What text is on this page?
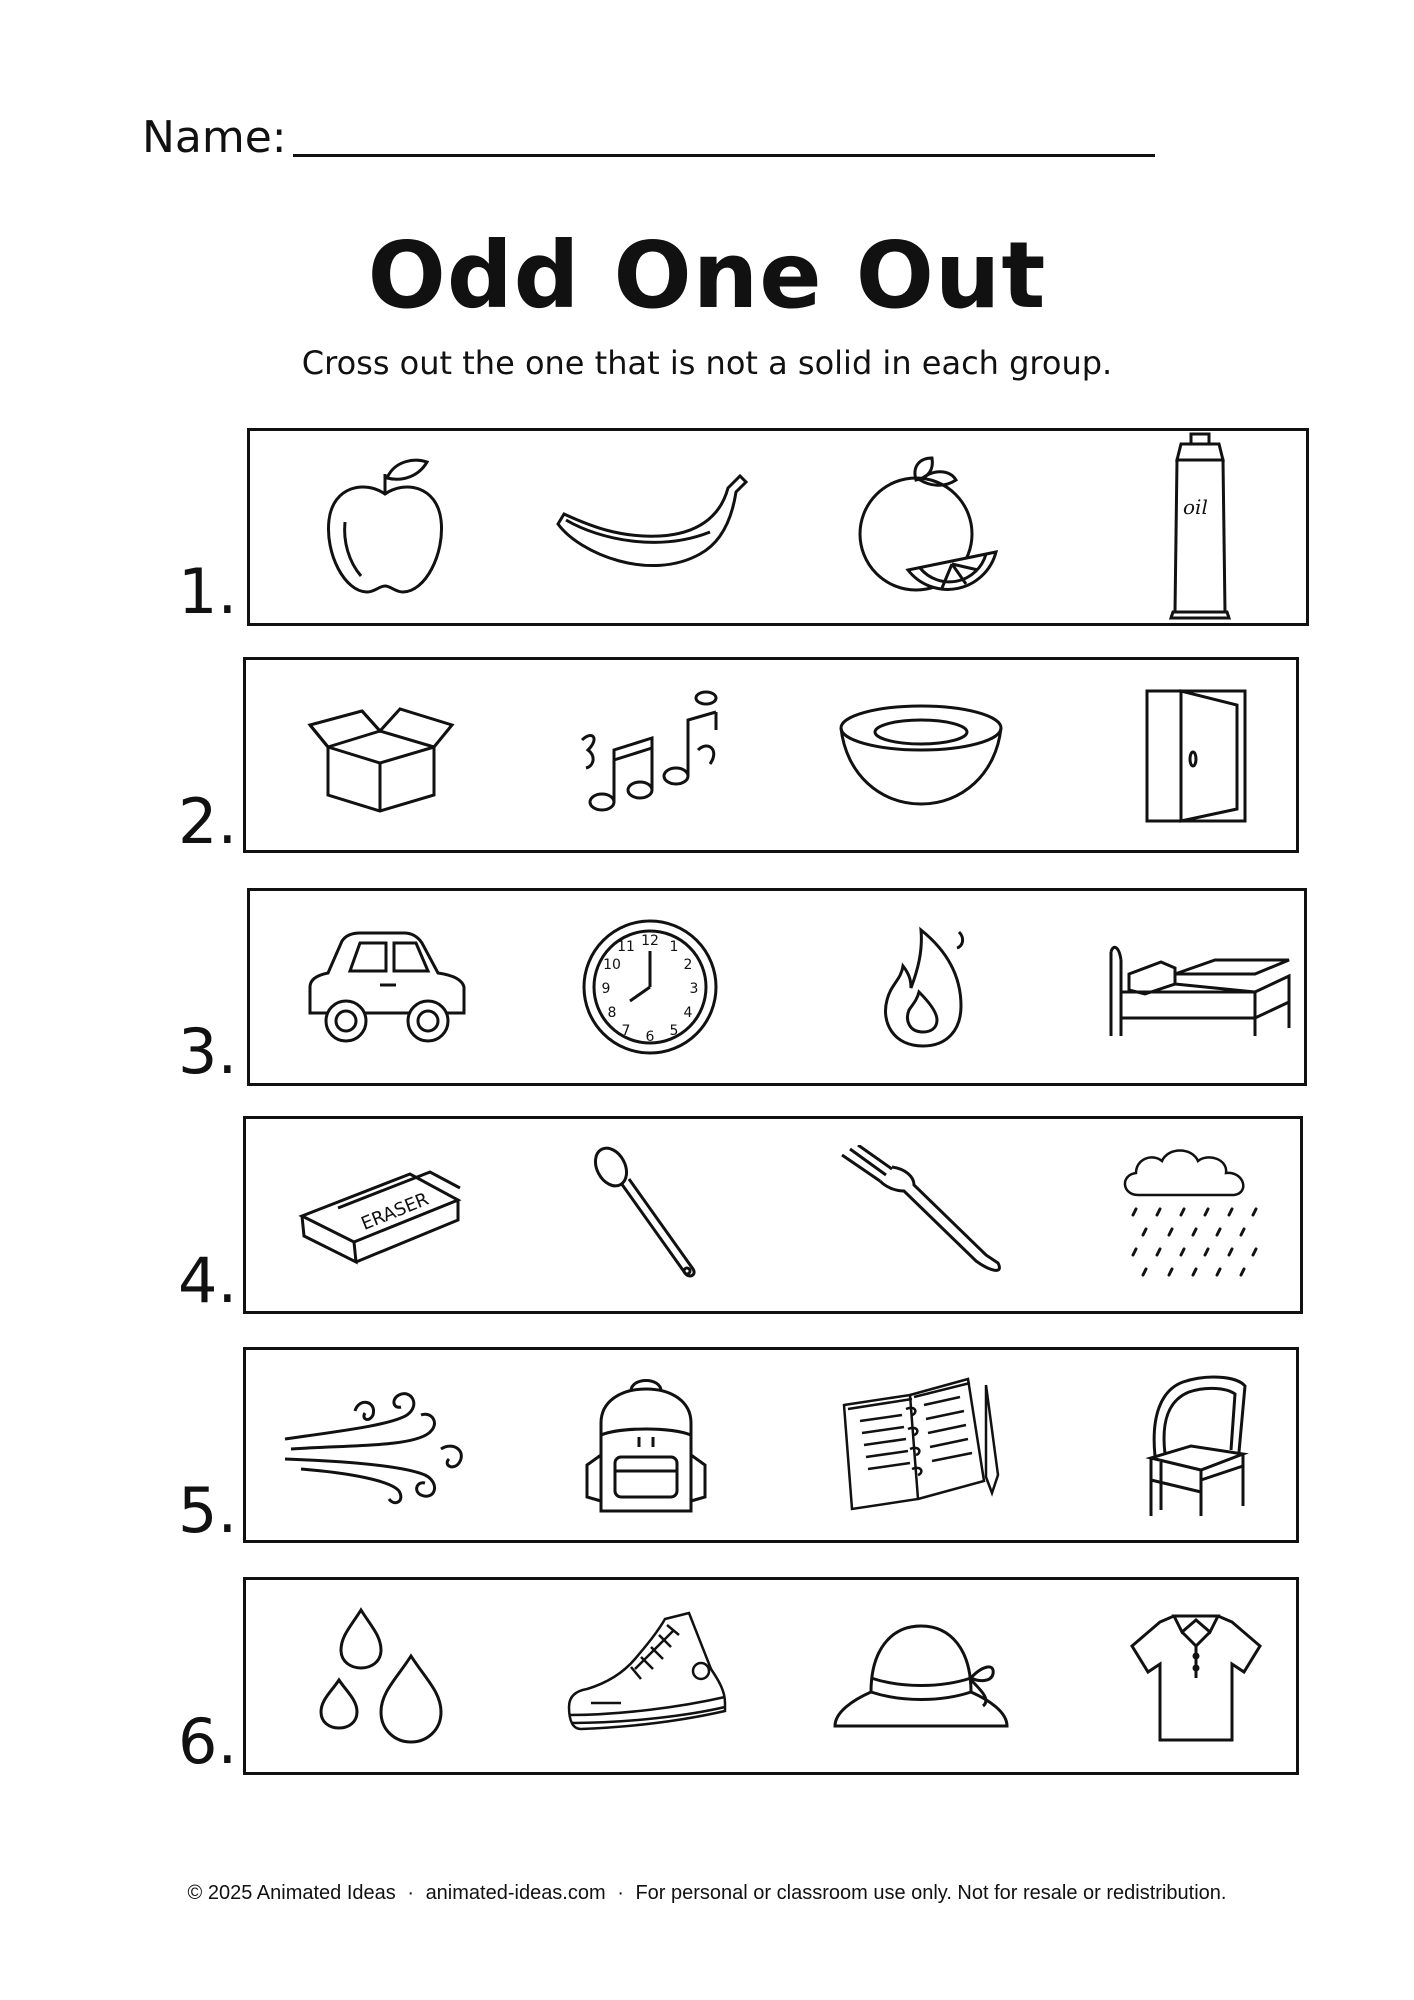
Name:
Odd One Out
Cross out the one that is not a solid in each group.
1.
oil
2.
3.
12 1
2
3
4
5
6
7
8
9
10
11
4.
ERASER
5.
6.
© 2025 Animated Ideas · animated-ideas.com · For personal or classroom use only. Not for resale or redistribution.
